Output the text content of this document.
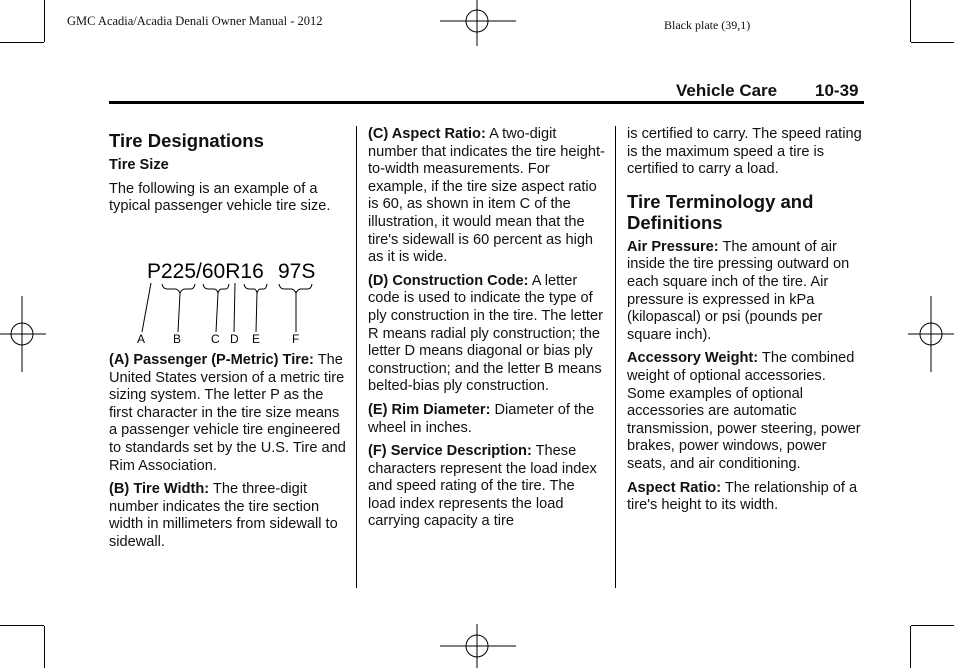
GMC Acadia/Acadia Denali Owner Manual - 2012	Black plate (39,1)
Vehicle Care 10-39
Tire Designations
Tire Size

The following is an example of a typical passenger vehicle tire size.

P225/60R16 97S
A B C D E	F

(A) Passenger (P-Metric) Tire: The United States version of a metric tire sizing system. The letter P as the first character in the tire size means a passenger vehicle tire engineered to standards set by the U.S. Tire and Rim Association.

(B) Tire Width: The three-digit number indicates the tire section width in millimeters from sidewall to sidewall.

(C) Aspect Ratio: A two-digit number that indicates the tire height-to-width measurements. For example, if the tire size aspect ratio is 60, as shown in item C of the illustration, it would mean that the tire's sidewall is 60 percent as high as it is wide.

(D) Construction Code: A letter code is used to indicate the type of ply construction in the tire. The letter R means radial ply construction; the letter D means diagonal or bias ply construction; and the letter B means belted-bias ply construction.

(E) Rim Diameter: Diameter of the wheel in inches.

(F) Service Description: These characters represent the load index and speed rating of the tire. The load index represents the load carrying capacity a tire

is certified to carry. The speed rating is the maximum speed a tire is certified to carry a load.

Tire Terminology and Definitions

Air Pressure: The amount of air inside the tire pressing outward on each square inch of the tire. Air pressure is expressed in kPa (kilopascal) or psi (pounds per square inch).

Accessory Weight: The combined weight of optional accessories. Some examples of optional accessories are automatic transmission, power steering, power brakes, power windows, power seats, and air conditioning.

Aspect Ratio: The relationship of a tire's height to its width.
